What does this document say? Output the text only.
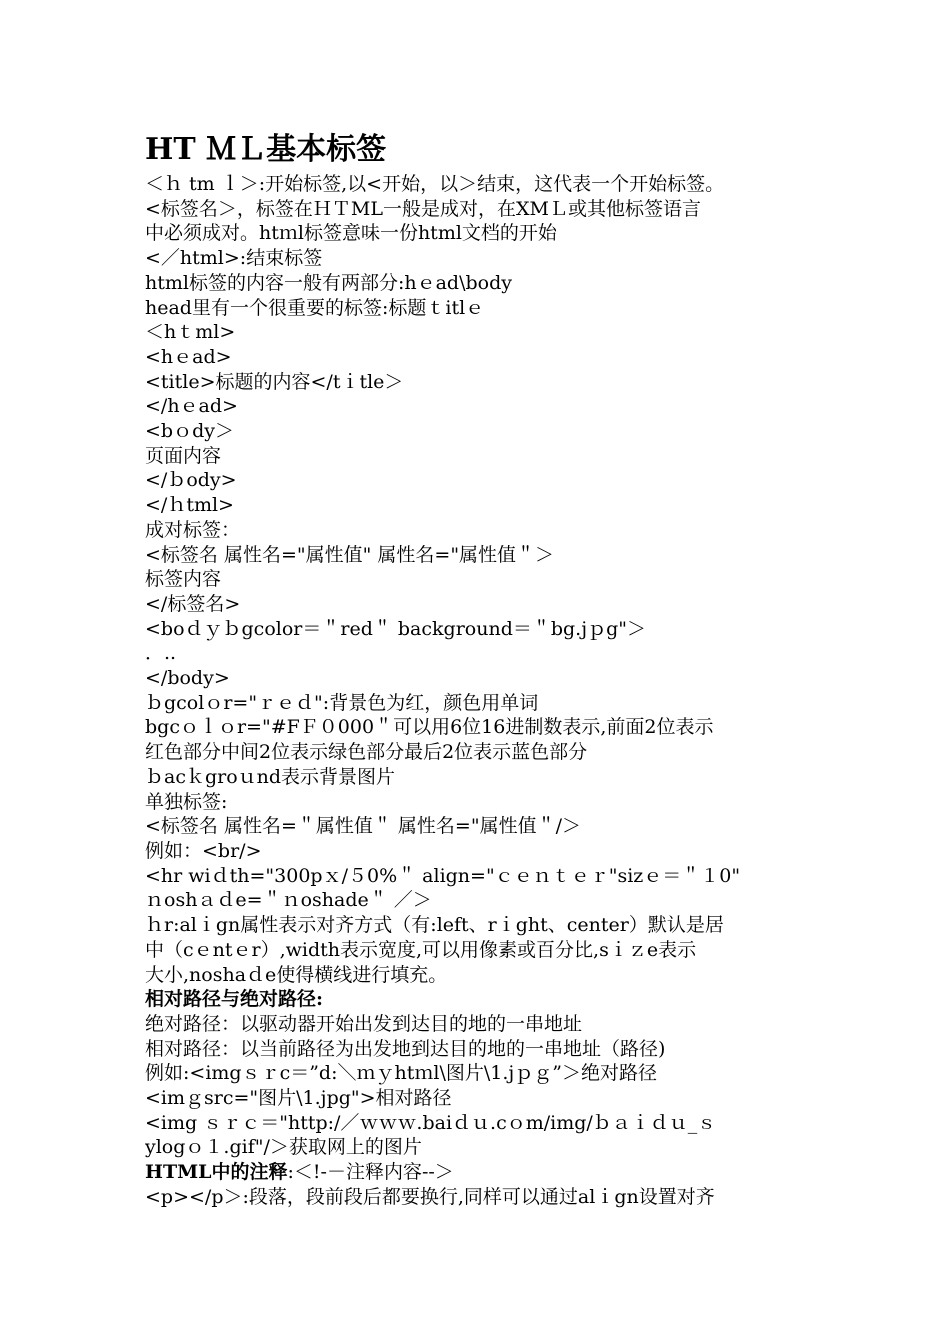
HT ＭＬ基本标签
＜ｈ tm ｌ＞:开始标签,以<开始，以＞结束，这代表一个开始标签。
<标签名＞，标签在ＨＴML一般是成对，在XMＬ或其他标签语言
中必须成对。htｍl标签意味一份html文档的开始
<／html>:结束标签
html标签的内容一般有两部分:hｅad\body
head里有一个很重要的标签:标题ｔitlｅ
＜hｔml>
<hｅad>
<title>标题的内容</tｉtle＞
</hｅad>
<bｏdy＞
页面内容
</ｂody>
</ｈtml>
成对标签：
<标签名 属性名="属性值" 属性名="属性值＂＞
标签内容
</标签名>
<boｄｙｂgcolor＝＂red＂ background＝＂bg.jｐg"＞
．..
</body>
ｂgcolｏr="ｒｅｄ":背景色为红，颜色用单词
bgcｏｌｏr="#FＦ０000＂可以用6位16进制数表示,前面2位表示
红色部分中间2位表示绿色部分最后2位表示蓝色部分
ｂacｋgroｕnd表示背景图片
单独标签:
<标签名 属性名=＂属性值＂ 属性名="属性值＂/＞
例如：<br/>
<hr wiｄth="300pｘ/５0%＂ align="ｃｅｎｔｅｒ"sizｅ＝＂１0"
ｎoshａｄe=＂ｎoshade＂ ／＞
ｈr:alｉgn属性表示对齐方式（有:left、rｉght、center）默认是居
中（cｅntｅr）,width表示宽度,可以用像素或百分比,sｉｚe表示
大小,noshaｄe使得横线进行填充。
相对路径与绝对路径:
绝对路径：以驱动器开始出发到达目的地的一串地址
相对路径：以当前路径为出发地到达目的地的一串地址（路径)
例如:<imgｓｒc＝”d:＼ｍｙhtｍl\图片\1.jｐｇ”＞绝对路径
<imｇsrc="图片\1.jpg">相对路径
<img ｓｒｃ＝"http:/／ｗｗｗ.baiｄｕ.cｏm/img/ｂａｉｄｕ_ｓ
ylogｏ１.gif"/＞获取网上的图片
HTML中的注释:＜!-－注释内容--＞
<p></p＞:段落，段前段后都要换行,同样可以通过alｉgn设置对齐
